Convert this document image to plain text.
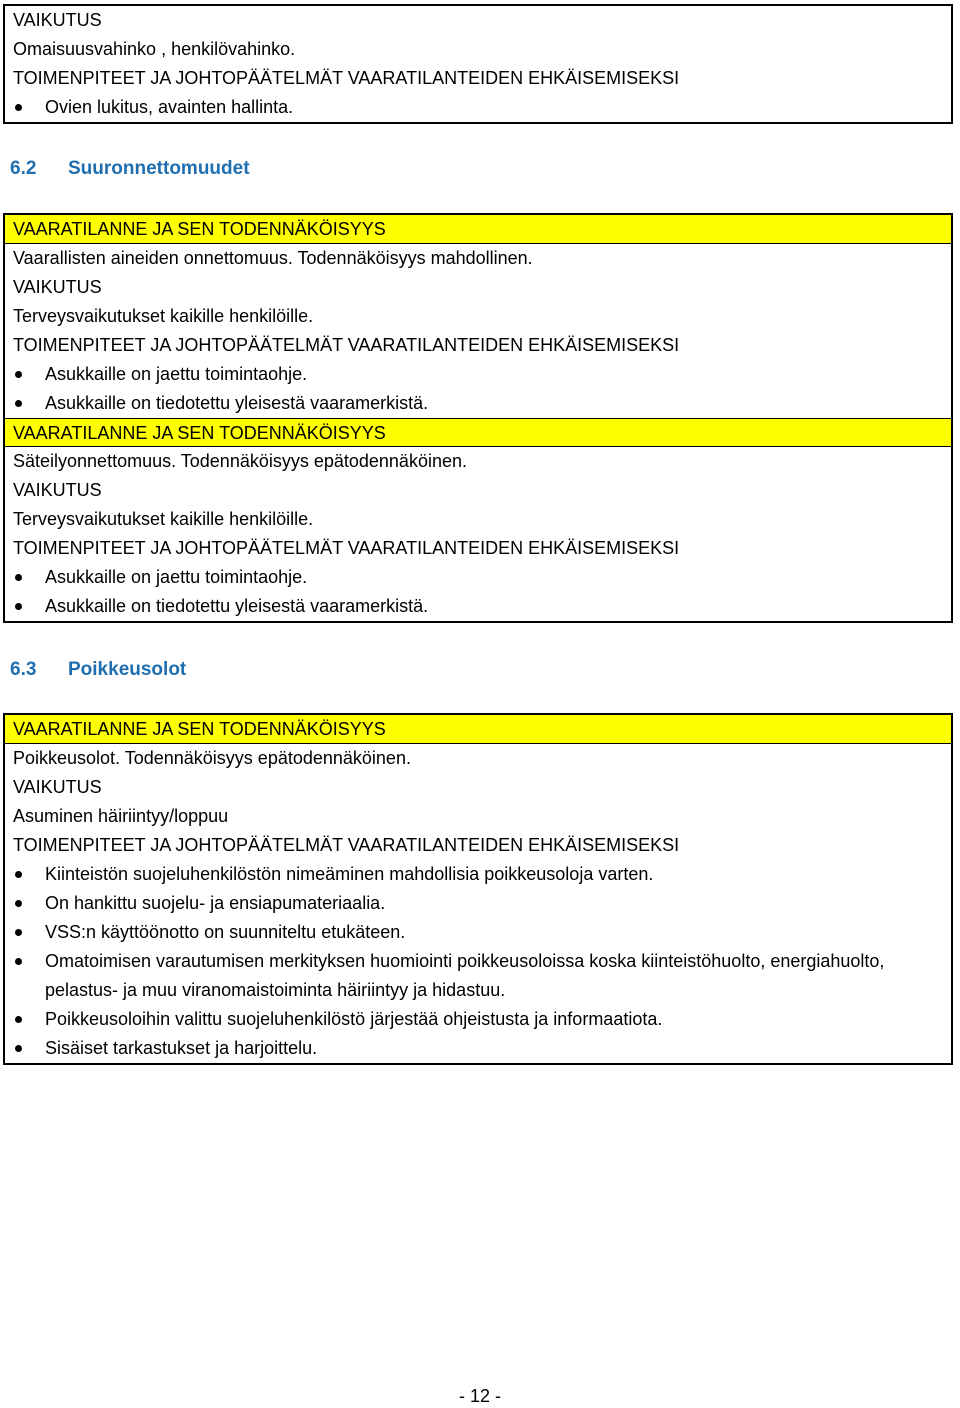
VAIKUTUS
Omaisuusvahinko , henkilövahinko.
TOIMENPITEET JA JOHTOPÄÄTELMÄT VAARATILANTEIDEN EHKÄISEMISEKSI
Ovien lukitus, avainten hallinta.
6.2 Suuronnettomuudet
VAARATILANNE JA SEN TODENNÄKÖISYYS
Vaarallisten aineiden onnettomuus. Todennäköisyys mahdollinen.
VAIKUTUS
Terveysvaikutukset kaikille henkilöille.
TOIMENPITEET JA JOHTOPÄÄTELMÄT VAARATILANTEIDEN EHKÄISEMISEKSI
Asukkaille on jaettu toimintaohje.
Asukkaille on tiedotettu yleisestä vaaramerkistä.
VAARATILANNE JA SEN TODENNÄKÖISYYS
Säteilyonnettomuus. Todennäköisyys epätodennäköinen.
VAIKUTUS
Terveysvaikutukset kaikille henkilöille.
TOIMENPITEET JA JOHTOPÄÄTELMÄT VAARATILANTEIDEN EHKÄISEMISEKSI
Asukkaille on jaettu toimintaohje.
Asukkaille on tiedotettu yleisestä vaaramerkistä.
6.3 Poikkeusolot
VAARATILANNE JA SEN TODENNÄKÖISYYS
Poikkeusolot. Todennäköisyys epätodennäköinen.
VAIKUTUS
Asuminen häiriintyy/loppuu
TOIMENPITEET JA JOHTOPÄÄTELMÄT VAARATILANTEIDEN EHKÄISEMISEKSI
Kiinteistön suojeluhenkilöstön nimeäminen mahdollisia poikkeusoloja varten.
On hankittu suojelu- ja ensiapumateriaalia.
VSS:n käyttöönotto on suunniteltu etukäteen.
Omatoimisen varautumisen merkityksen huomiointi poikkeusoloissa koska kiinteistöhuolto, energiahuolto, pelastus- ja muu viranomaistoiminta häiriintyy ja hidastuu.
Poikkeusoloihin valittu suojeluhenkilöstö järjestää ohjeistusta ja informaatiota.
Sisäiset tarkastukset ja harjoittelu.
- 12 -
